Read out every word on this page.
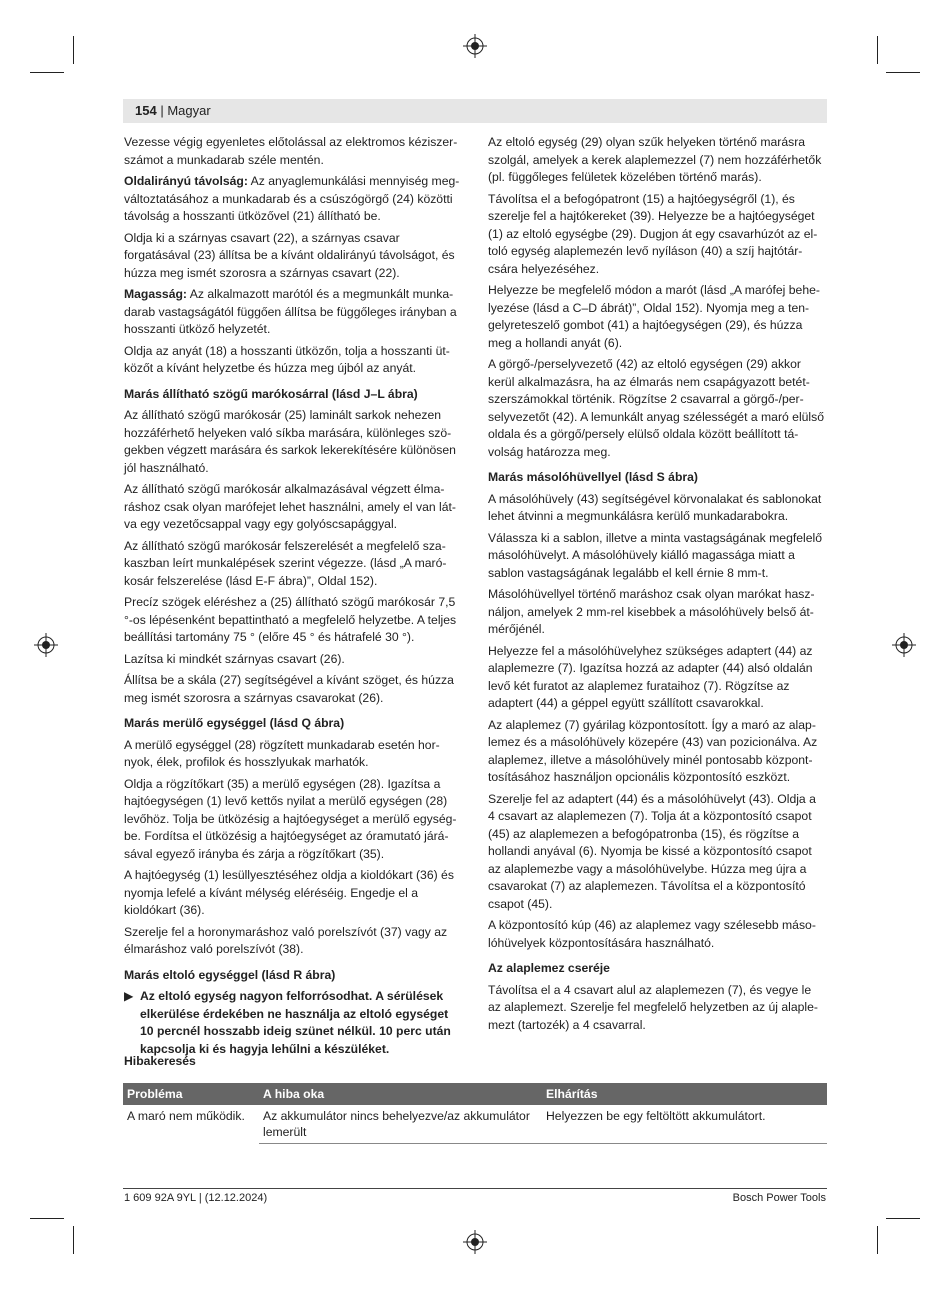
154 | Magyar

Vezesse végig egyenletes előtolással az elektromos kéziszerszámot a munkadarab széle mentén.

Oldalirányú távolság: Az anyaglemunkálási mennyiség megváltoztatásához a munkadarab és a csúszógörgő (24) közötti távolság a hosszanti ütközővel (21) állítható be.

Oldja ki a szárnyas csavart (22), a szárnyas csavar forgatásával (23) állítsa be a kívánt oldalirányú távolságot, és húzza meg ismét szorosra a szárnyas csavart (22).

Magasság: Az alkalmazott marótól és a megmunkált munkadarab vastagságától függően állítsa be függőleges irányban a hosszanti ütköző helyzetét.

Oldja az anyát (18) a hosszanti ütközőn, tolja a hosszanti ütközőt a kívánt helyzetbe és húzza meg újból az anyát.

Marás állítható szögű marókosárral (lásd J–L ábra)

Az állítható szögű marókosár (25) laminált sarkok nehezen hozzáférhető helyeken való síkba marására, különleges szögekben végzett marására és sarkok lekerekítésére különösen jól használható.

Az állítható szögű marókosár alkalmazásával végzett élmaráshoz csak olyan marófejet lehet használni, amely el van látva egy vezetőcsappal vagy egy golyóscsapággyal.

Az állítható szögű marókosár felszerelését a megfelelő szakaszban leírt munkalépések szerint végezze. (lásd „A marókosár felszerelése (lásd E-F ábra)”, Oldal 152).

Precíz szögek eléréshez a (25) állítható szögű marókosár 7,5 °-os lépésenként bepattintható a megfelelő helyzetbe. A teljes beállítási tartomány 75 ° (előre 45 ° és hátrafelé 30 °).

Lazítsa ki mindkét szárnyas csavart (26).

Állítsa be a skála (27) segítségével a kívánt szöget, és húzza meg ismét szorosra a szárnyas csavarokat (26).

Marás merülő egységgel (lásd Q ábra)

A merülő egységgel (28) rögzített munkadarab esetén hornyok, élek, profilok és hosszlyukak marhatók.

Oldja a rögzítőkart (35) a merülő egységen (28). Igazítsa a hajtóegységen (1) levő kettős nyilat a merülő egységen (28) levőhöz. Tolja be ütközésig a hajtóegységet a merülő egységbe. Fordítsa el ütközésig a hajtóegységet az óramutató járásával egyező irányba és zárja a rögzítőkart (35).

A hajtóegység (1) lesüllyesztéséhez oldja a kioldókart (36) és nyomja lefelé a kívánt mélység eléréséig. Engedje el a kioldókart (36).

Szerelje fel a horonymaráshoz való porelszívót (37) vagy az élmaráshoz való porelszívót (38).

Marás eltoló egységgel (lásd R ábra)
▶ Az eltoló egység nagyon felforrósodhat. A sérülések elkerülése érdekében ne használja az eltoló egységet 10 percnél hosszabb ideig szünet nélkül. 10 perc után kapcsolja ki és hagyja lehűlni a készüléket.

Az eltoló egység (29) olyan szűk helyeken történő marásra szolgál, amelyek a kerek alaplemezzel (7) nem hozzáférhetők (pl. függőleges felületek közelében történő marás).

Távolítsa el a befogópatront (15) a hajtóegységről (1), és szerelje fel a hajtókereket (39). Helyezze be a hajtóegységet (1) az eltoló egységbe (29). Dugjon át egy csavarhúzót az eltoló egység alaplemezén levő nyíláson (40) a szíj hajtótárcsára helyezéséhez.

Helyezze be megfelelő módon a marót (lásd „A marófej behelyezése (lásd a C–D ábrát)”, Oldal 152). Nyomja meg a tengelyreteszelő gombot (41) a hajtóegységen (29), és húzza meg a hollandi anyát (6).

A görgő-/perselyvezető (42) az eltoló egységen (29) akkor kerül alkalmazásra, ha az élmarás nem csapágyazott betétszerszámokkal történik. Rögzítse 2 csavarral a görgő-/perselyvezetőt (42). A lemunkált anyag szélességét a maró elülső oldala és a görgő/persely elülső oldala között beállított távolság határozza meg.

Marás másolóhüvellyel (lásd S ábra)

A másolóhüvely (43) segítségével körvonalakat és sablonokat lehet átvinni a megmunkálásra kerülő munkadarabokra.

Válassza ki a sablon, illetve a minta vastagságának megfelelő másolóhüvelyt. A másolóhüvely kiálló magassága miatt a sablon vastagságának legalább el kell érnie 8 mm-t.

Másolóhüvellyel történő maráshoz csak olyan marókat használjon, amelyek 2 mm-rel kisebbek a másolóhüvely belső átmérőjénél.

Helyezze fel a másolóhüvelyhez szükséges adaptert (44) az alaplemezre (7). Igazítsa hozzá az adapter (44) alsó oldalán levő két furatot az alaplemez furataihoz (7). Rögzítse az adaptert (44) a géppel együtt szállított csavarokkal.

Az alaplemez (7) gyárilag központosított. Így a maró az alaplemez és a másolóhüvely közepére (43) van pozicionálva. Az alaplemez, illetve a másolóhüvely minél pontosabb központtosításához használjon opcionális központosító eszközt.

Szerelje fel az adaptert (44) és a másolóhüvelyt (43). Oldja a 4 csavart az alaplemezen (7). Tolja át a központosító csapot (45) az alaplemezen a befogópatronba (15), és rögzítse a hollandi anyával (6). Nyomja be kissé a központosító csapot az alaplemezbe vagy a másolóhüvelybe. Húzza meg újra a csavarokat (7) az alaplemezen. Távolítsa el a központosító csapot (45).

A központosító kúp (46) az alaplemez vagy szélesebb másolóhüvelyek központosítására használható.

Az alaplemez cseréje

Távolítsa el a 4 csavart alul az alaplemezen (7), és vegye le az alaplemezt. Szerelje fel megfelelő helyzetben az új alaplemezt (tartozék) a 4 csavarral.

Hibakeresés
Probléma	A hiba oka	Elhárítás
A maró nem működik.	Az akkumulátor nincs behelyezve/az akkumulátor lemerült	Helyezzen be egy feltöltött akkumulátort.
1 609 92A 9YL | (12.12.2024)	Bosch Power Tools
